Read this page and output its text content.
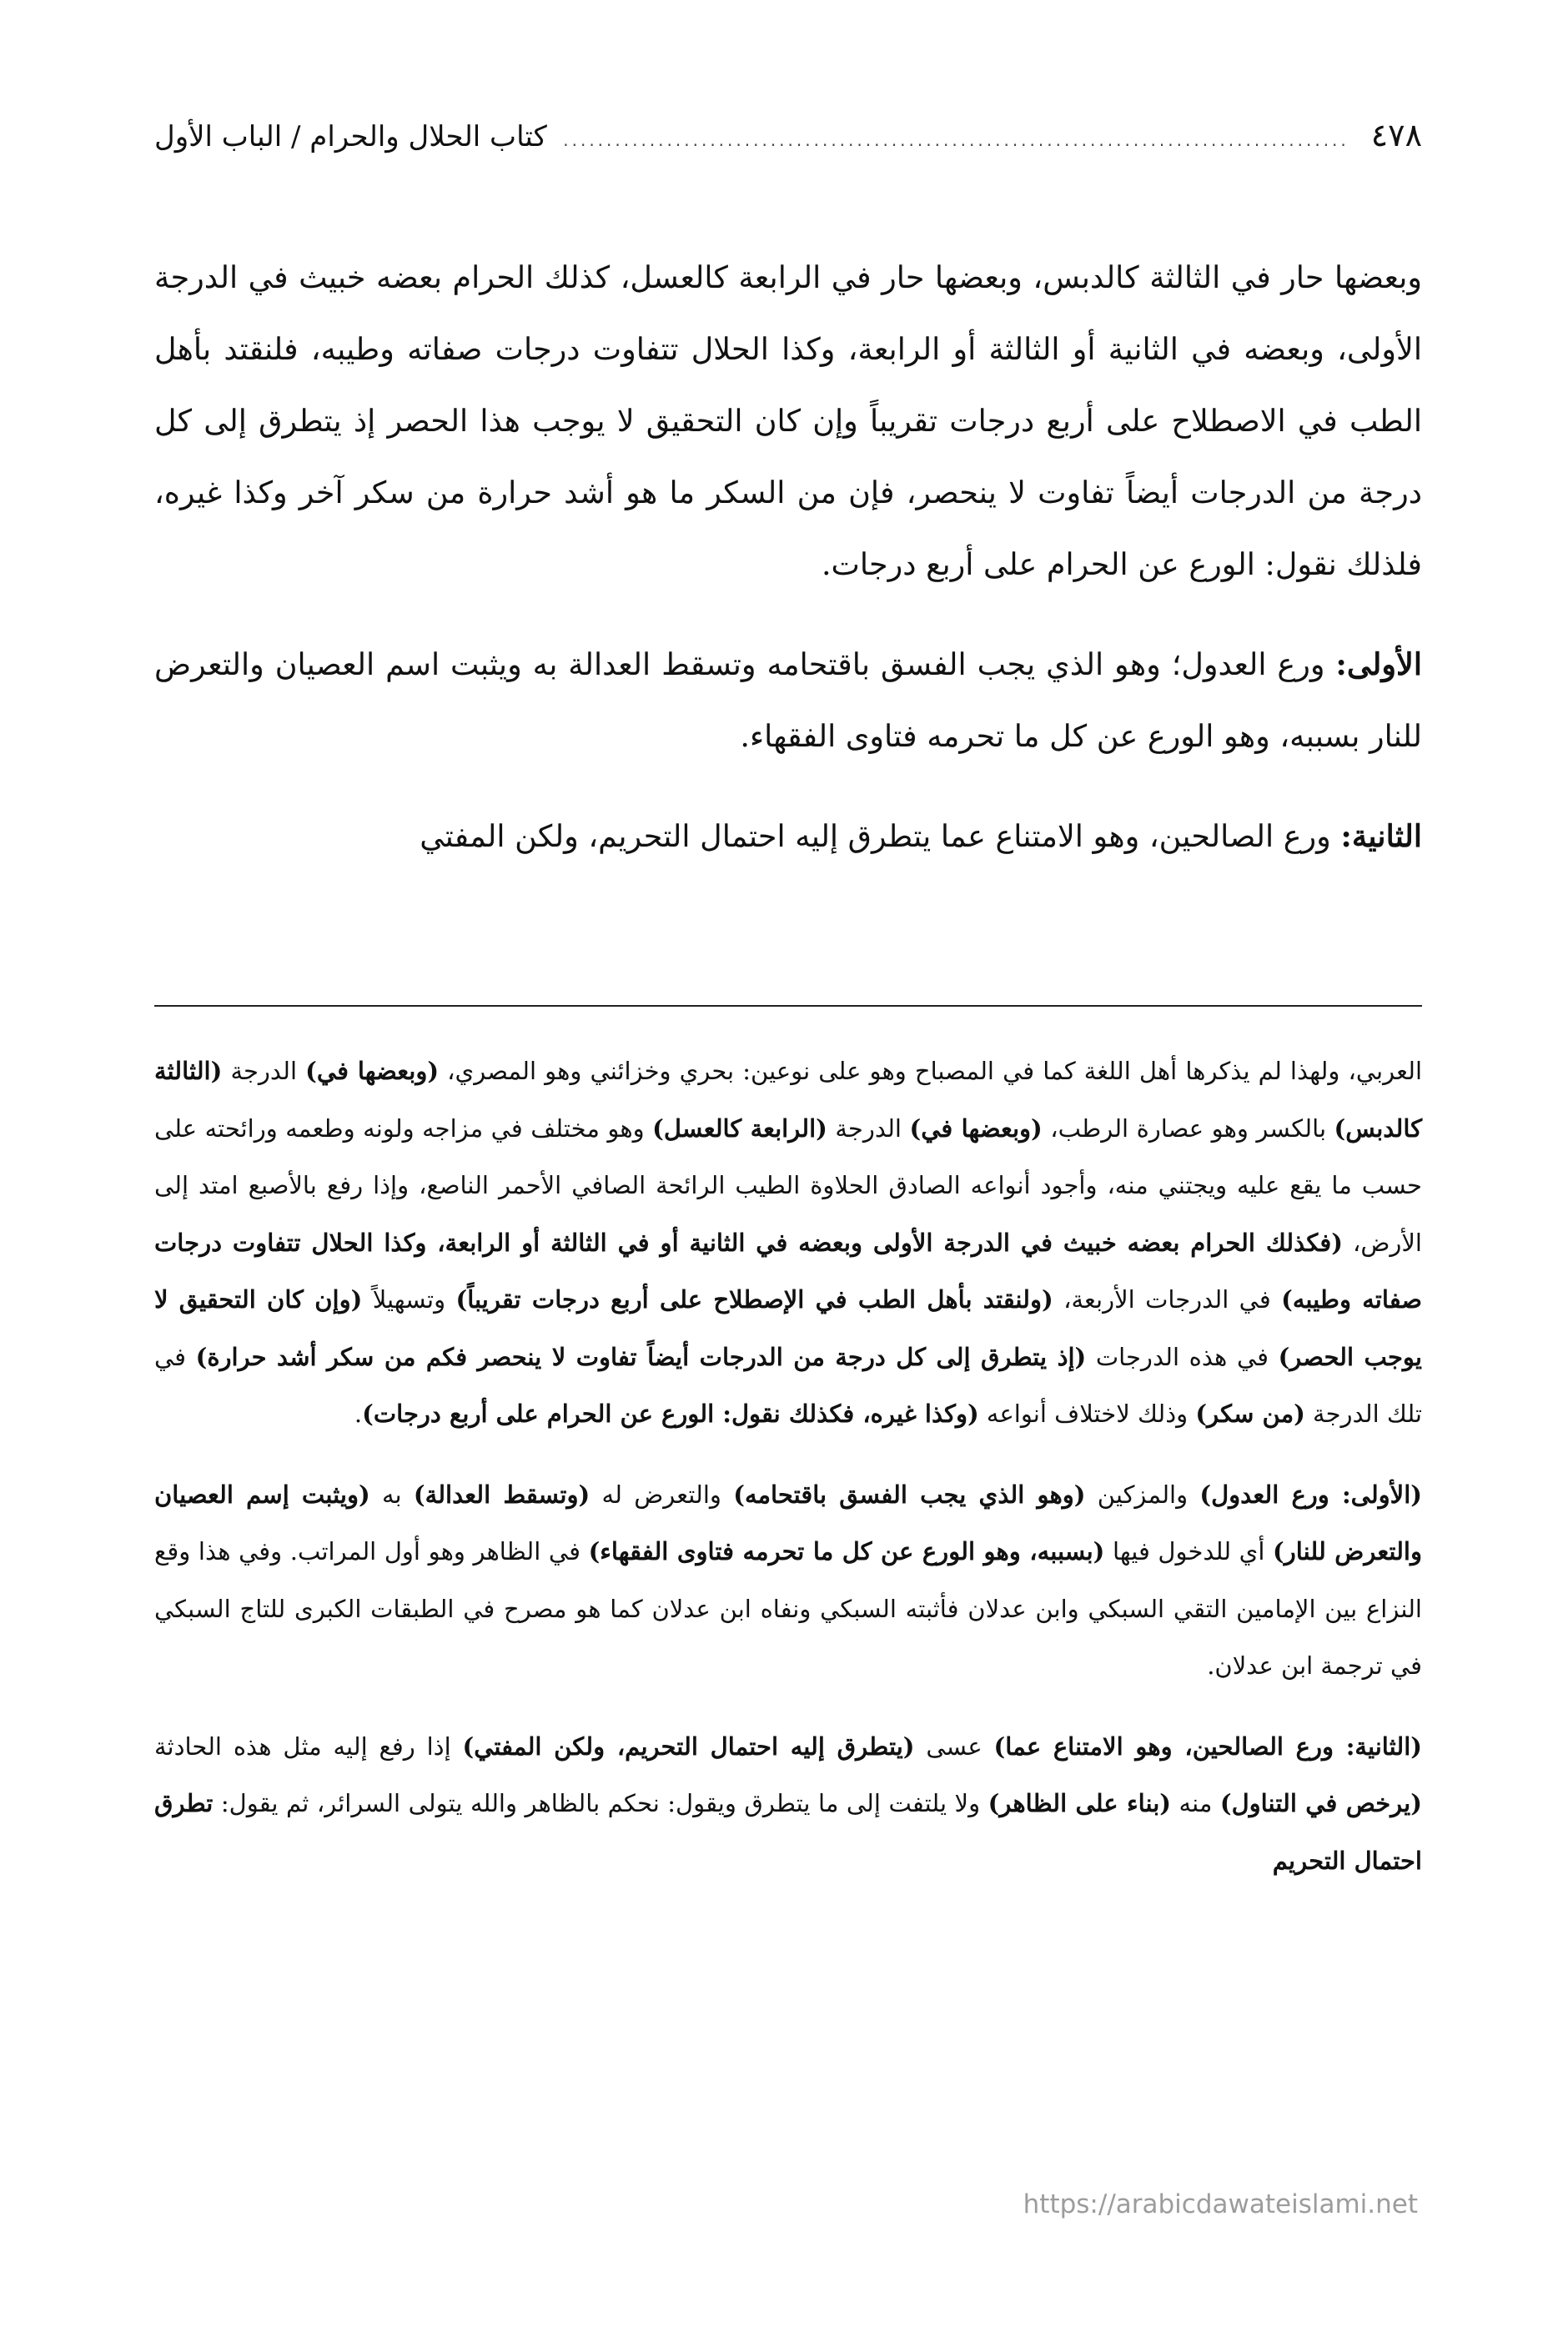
٤٧٨
.....
كتاب الحلال والحرام / الباب الأول

وبعضها حار في الثالثة كالدبس، وبعضها حار في الرابعة كالعسل، كذلك الحرام بعضه خبيث في الدرجة الأولى، وبعضه في الثانية أو الثالثة أو الرابعة، وكذا الحلال تتفاوت درجات صفاته وطيبه، فلنقتد بأهل الطب في الاصطلاح على أربع درجات تقريباً وإن كان التحقيق لا يوجب هذا الحصر إذ يتطرق إلى كل درجة من الدرجات أيضاً تفاوت لا ينحصر، فإن من السكر ما هو أشد حرارة من سكر آخر وكذا غيره، فلذلك نقول: الورع عن الحرام على أربع درجات.

الأولى: ورع العدول؛ وهو الذي يجب الفسق باقتحامه وتسقط العدالة به ويثبت اسم العصيان والتعرض للنار بسببه، وهو الورع عن كل ما تحرمه فتاوى الفقهاء.

الثانية: ورع الصالحين، وهو الامتناع عما يتطرق إليه احتمال التحريم، ولكن المفتي

العربي، ولهذا لم يذكرها أهل اللغة كما في المصباح وهو على نوعين: بحري وخزائني وهو المصري، (وبعضها في) الدرجة (الثالثة كالدبس) بالكسر وهو عصارة الرطب، (وبعضها في) الدرجة (الرابعة كالعسل) وهو مختلف في مزاجه ولونه وطعمه ورائحته على حسب ما يقع عليه ويجتني منه، وأجود أنواعه الصادق الحلاوة الطيب الرائحة الصافي الأحمر الناصع، وإذا رفع بالأصبع امتد إلى الأرض، (فكذلك الحرام بعضه خبيث في الدرجة الأولى وبعضه في الثانية أو في الثالثة أو الرابعة، وكذا الحلال تتفاوت درجات صفاته وطيبه) في الدرجات الأربعة، (ولنقتد بأهل الطب في الإصطلاح على أربع درجات تقريباً) وتسهيلاً (وإن كان التحقيق لا يوجب الحصر) في هذه الدرجات (إذ يتطرق إلى كل درجة من الدرجات أيضاً تفاوت لا ينحصر فكم من سكر أشد حرارة) في تلك الدرجة (من سكر) وذلك لاختلاف أنواعه (وكذا غيره، فكذلك نقول: الورع عن الحرام على أربع درجات).

(الأولى: ورع العدول) والمزكين (وهو الذي يجب الفسق باقتحامه) والتعرض له (وتسقط العدالة) به (ويثبت إسم العصيان والتعرض للنار) أي للدخول فيها (بسببه، وهو الورع عن كل ما تحرمه فتاوى الفقهاء) في الظاهر وهو أول المراتب. وفي هذا وقع النزاع بين الإمامين التقي السبكي وابن عدلان فأثبته السبكي ونفاه ابن عدلان كما هو مصرح في الطبقات الكبرى للتاج السبكي في ترجمة ابن عدلان.

(الثانية: ورع الصالحين، وهو الامتناع عما) عسى (يتطرق إليه احتمال التحريم، ولكن المفتي) إذا رفع إليه مثل هذه الحادثة (يرخص في التناول) منه (بناء على الظاهر) ولا يلتفت إلى ما يتطرق ويقول: نحكم بالظاهر والله يتولى السرائر، ثم يقول: تطرق احتمال التحريم

https://arabicdawateislami.net
